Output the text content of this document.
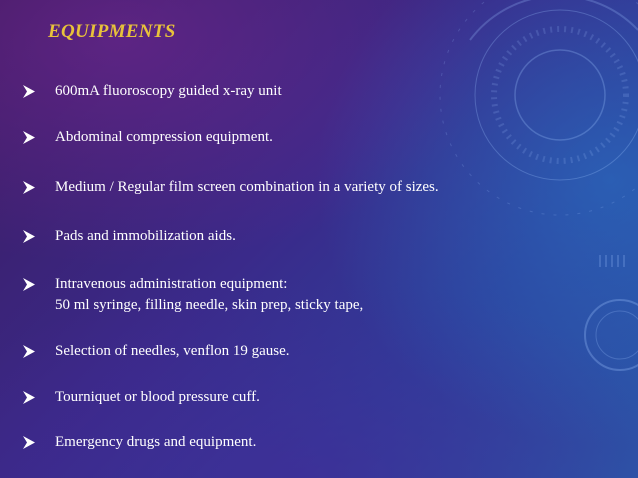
EQUIPMENTS
600mA fluoroscopy guided x-ray unit
Abdominal compression equipment.
Medium / Regular film screen combination in a variety of sizes.
Pads and immobilization aids.
Intravenous administration equipment:
50 ml syringe, filling needle, skin prep, sticky tape,
Selection of needles, venflon 19 gause.
Tourniquet or blood pressure cuff.
Emergency drugs and equipment.
